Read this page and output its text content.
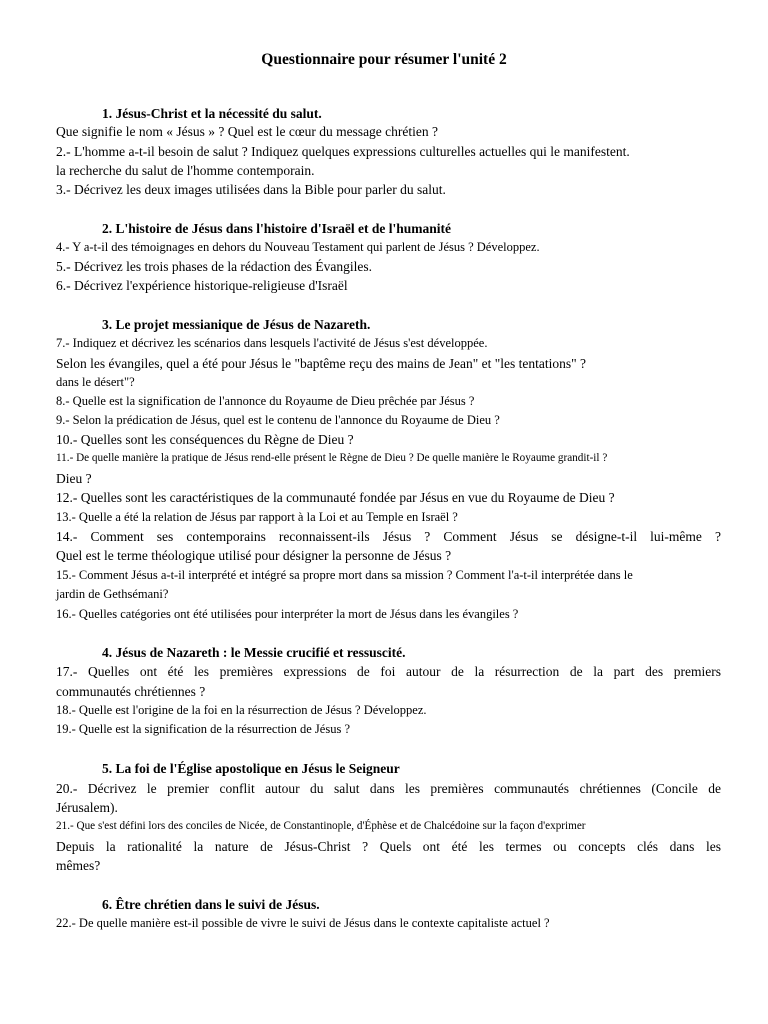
Questionnaire pour résumer l'unité 2
1. Jésus-Christ et la nécessité du salut.
Que signifie le nom « Jésus » ? Quel est le cœur du message chrétien ?
2.- L'homme a-t-il besoin de salut ? Indiquez quelques expressions culturelles actuelles qui le manifestent.
la recherche du salut de l'homme contemporain.
3.- Décrivez les deux images utilisées dans la Bible pour parler du salut.
2. L'histoire de Jésus dans l'histoire d'Israël et de l'humanité
4.- Y a-t-il des témoignages en dehors du Nouveau Testament qui parlent de Jésus ? Développez.
5.- Décrivez les trois phases de la rédaction des Évangiles.
6.- Décrivez l'expérience historique-religieuse d'Israël
3. Le projet messianique de Jésus de Nazareth.
7.- Indiquez et décrivez les scénarios dans lesquels l'activité de Jésus s'est développée.
Selon les évangiles, quel a été pour Jésus le "baptême reçu des mains de Jean" et "les tentations" ?
dans le désert"?
8.- Quelle est la signification de l'annonce du Royaume de Dieu prêchée par Jésus ?
9.- Selon la prédication de Jésus, quel est le contenu de l'annonce du Royaume de Dieu ?
10.- Quelles sont les conséquences du Règne de Dieu ?
11.- De quelle manière la pratique de Jésus rend-elle présent le Règne de Dieu ? De quelle manière le Royaume grandit-il ?
Dieu ?
12.- Quelles sont les caractéristiques de la communauté fondée par Jésus en vue du Royaume de Dieu ?
13.- Quelle a été la relation de Jésus par rapport à la Loi et au Temple en Israël ?
14.- Comment ses contemporains reconnaissent-ils Jésus ? Comment Jésus se désigne-t-il lui-même ?
Quel est le terme théologique utilisé pour désigner la personne de Jésus ?
15.- Comment Jésus a-t-il interprété et intégré sa propre mort dans sa mission ? Comment l'a-t-il interprétée dans le
jardin de Gethsémani?
16.- Quelles catégories ont été utilisées pour interpréter la mort de Jésus dans les évangiles ?
4. Jésus de Nazareth : le Messie crucifié et ressuscité.
17.- Quelles ont été les premières expressions de foi autour de la résurrection de la part des premiers
communautés chrétiennes ?
18.- Quelle est l'origine de la foi en la résurrection de Jésus ? Développez.
19.- Quelle est la signification de la résurrection de Jésus ?
5. La foi de l'Église apostolique en Jésus le Seigneur
20.- Décrivez le premier conflit autour du salut dans les premières communautés chrétiennes (Concile de
Jérusalem).
21.- Que s'est défini lors des conciles de Nicée, de Constantinople, d'Éphèse et de Chalcédoine sur la façon d'exprimer
Depuis la rationalité la nature de Jésus-Christ ? Quels ont été les termes ou concepts clés dans les
mêmes?
6. Être chrétien dans le suivi de Jésus.
22.- De quelle manière est-il possible de vivre le suivi de Jésus dans le contexte capitaliste actuel ?
